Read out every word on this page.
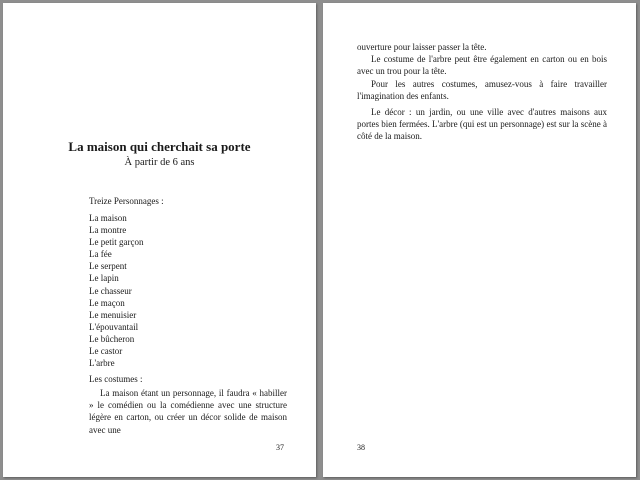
La maison qui cherchait sa porte

À partir de 6 ans

Treize Personnages :

La maison
La montre
Le petit garçon
La fée
Le serpent
Le lapin
Le chasseur
Le maçon
Le menuisier
L'épouvantail
Le bûcheron
Le castor
L'arbre

Les costumes :

La maison étant un personnage, il faudra « habiller » le comédien ou la comédienne avec une structure légère en carton, ou créer un décor solide de maison avec une

37

ouverture pour laisser passer la tête.

Le costume de l'arbre peut être également en carton ou en bois avec un trou pour la tête.

Pour les autres costumes, amusez-vous à faire travailler l'imagination des enfants.

Le décor : un jardin, ou une ville avec d'autres maisons aux portes bien fermées. L'arbre (qui est un personnage) est sur la scène à côté de la maison.

38
